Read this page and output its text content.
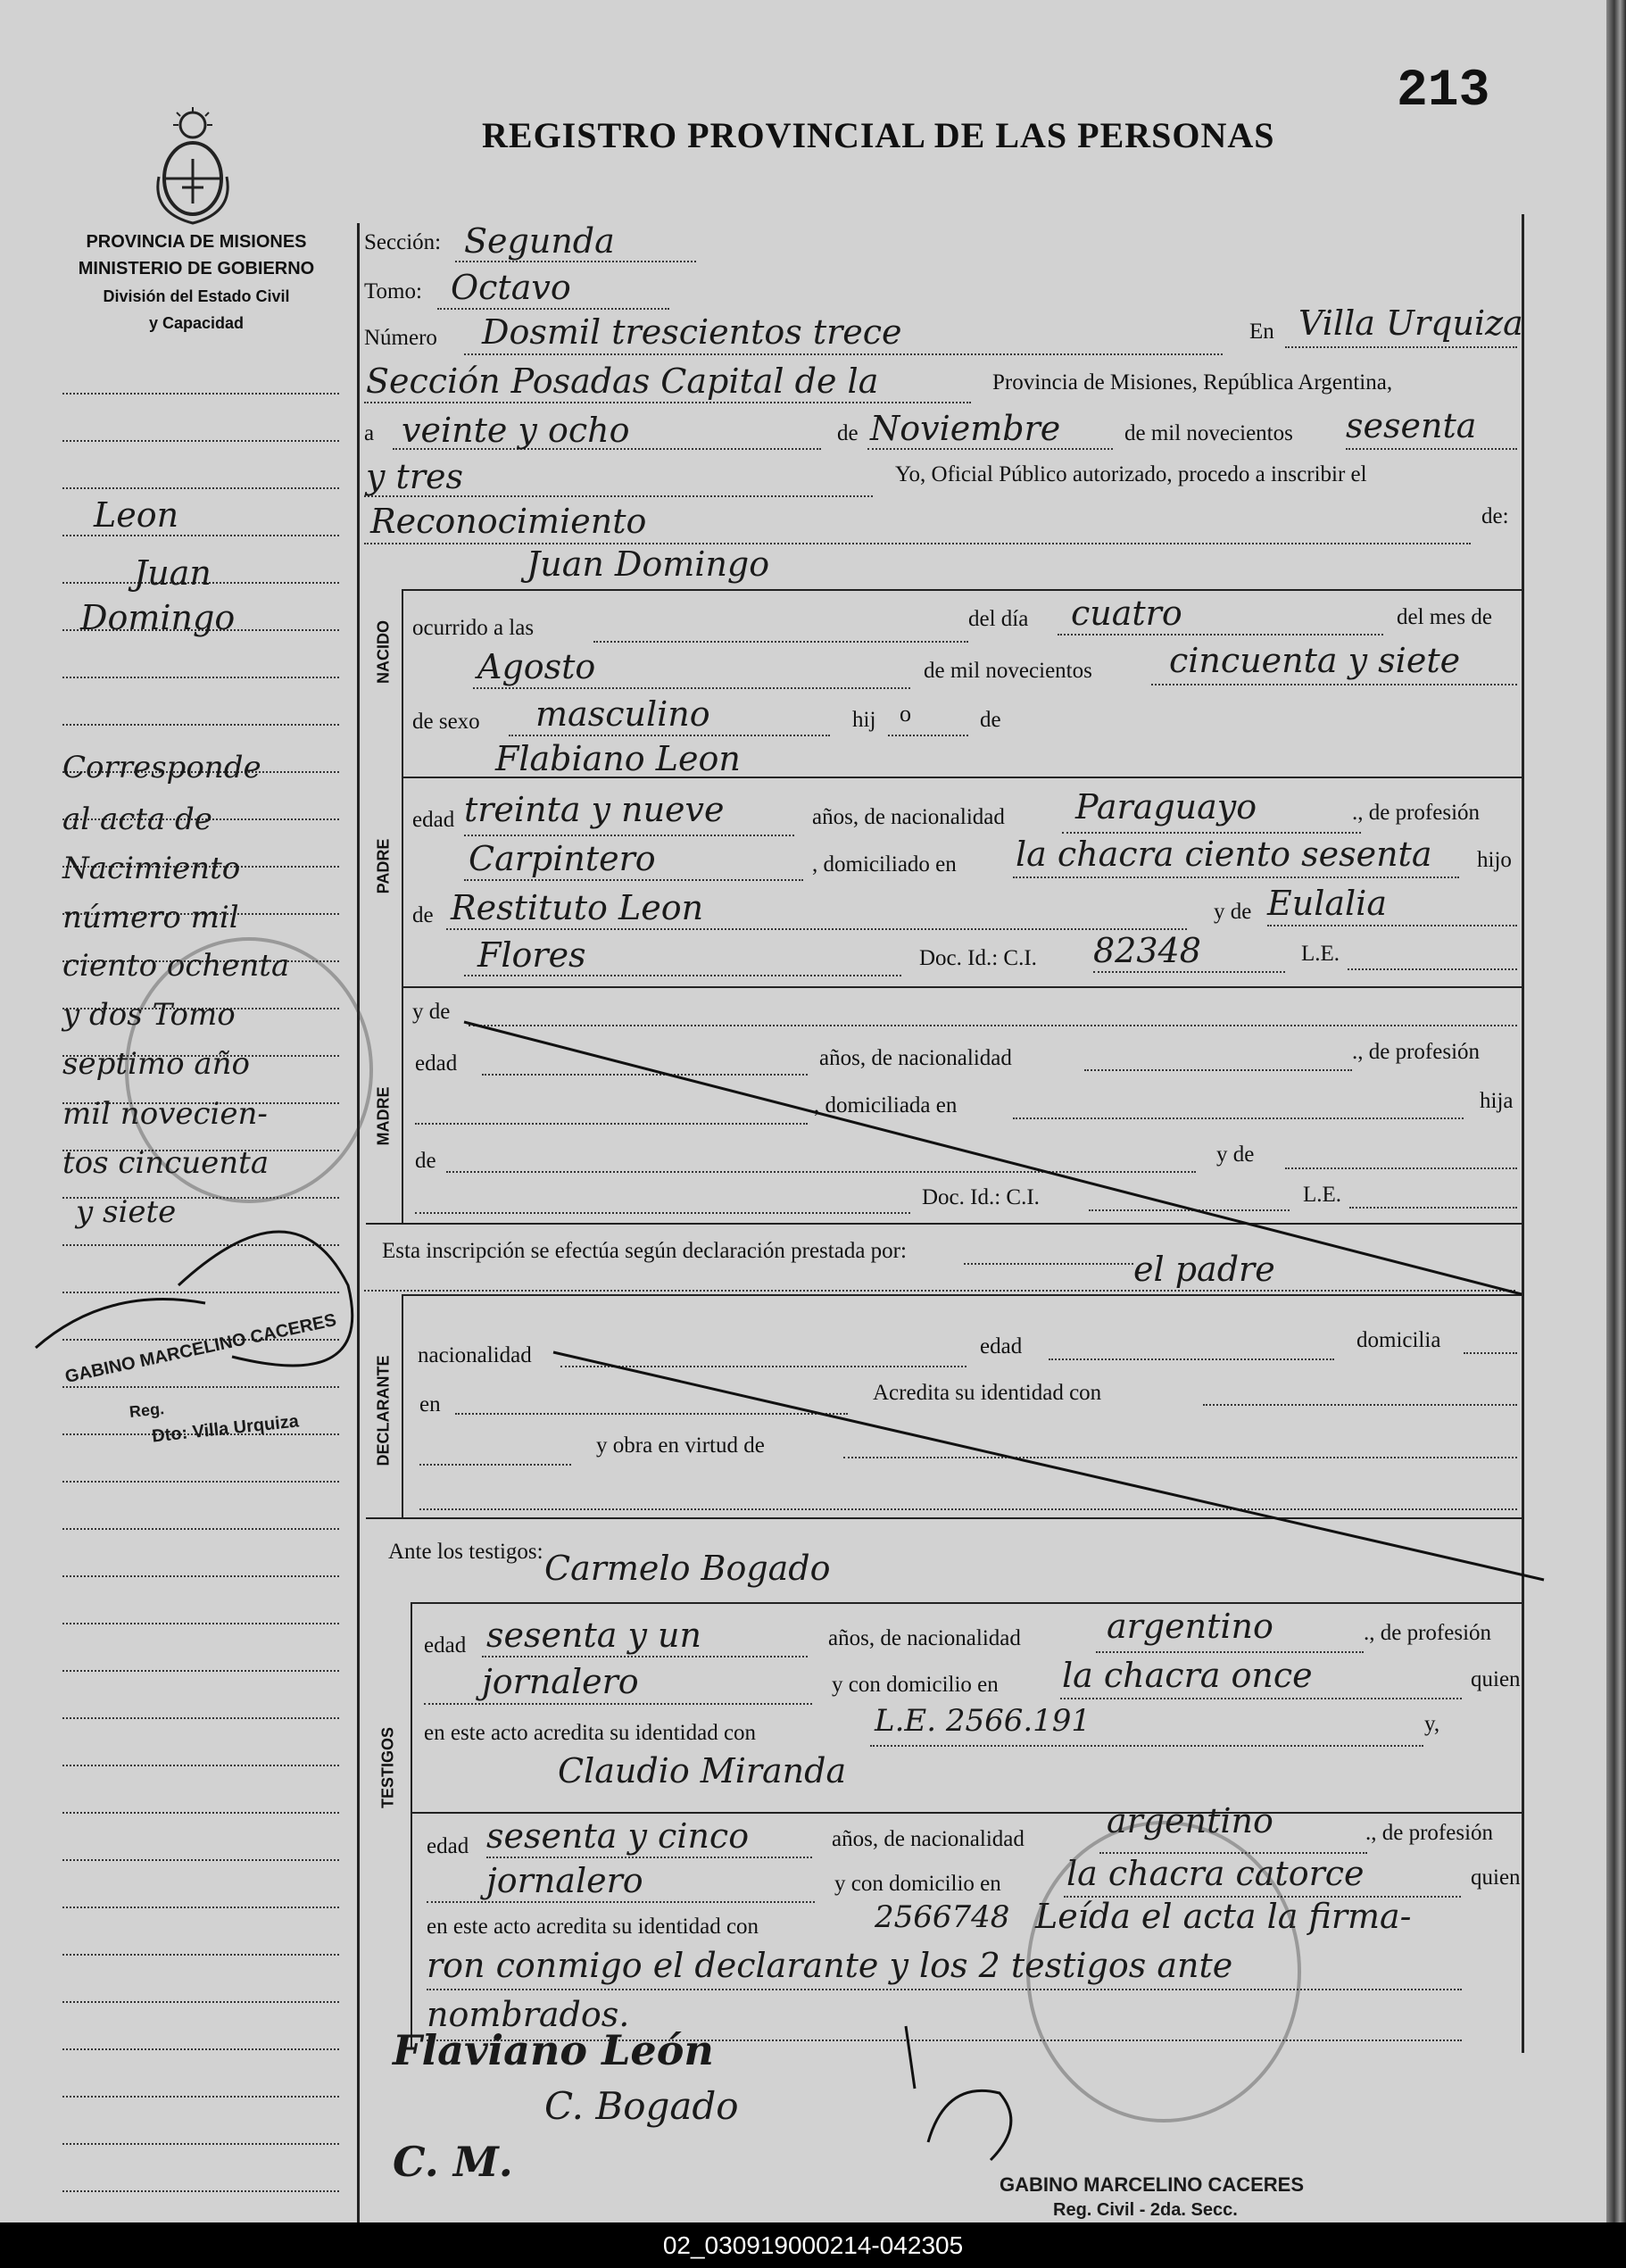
REGISTRO PROVINCIAL DE LAS PERSONAS
213
PROVINCIA DE MISIONES
MINISTERIO DE GOBIERNO
División del Estado Civil
y Capacidad
NACIDO
PADRE
MADRE
DECLARANTE
TESTIGOS
Sección: Segunda
Tomo: Octavo
Número Dosmil trescientos trece	En Villa Urquiza
Sección Posadas Capital de la	Provincia de Misiones, República Argentina,
a veinte y ocho	de Noviembre	de mil novecientos sesenta
y tres	Yo, Oficial Público autorizado, procedo a inscribir el
Reconocimiento	de:
Juan Domingo
ocurrido a las	del día cuatro	del mes de
Agosto	de mil novecientos cincuenta y siete
de sexo masculino	hij o	de
Flabiano Leon
edad treinta y nueve	años, de nacionalidad Paraguayo	., de profesión
Carpintero	, domiciliado en la chacra ciento sesenta hijo
de Restituto Leon	y de Eulalia
Flores	Doc. Id.: C.I. 82348	L.E.
y de
edad	años, de nacionalidad	., de profesión
, domiciliada en	hija
de	y de
Doc. Id.: C.I.	L.E.
Esta inscripción se efectúa según declaración prestada por:	el padre
nacionalidad	edad	domicilia
en	Acredita su identidad con
y obra en virtud de
Ante los testigos: Carmelo Bogado
edad sesenta y un	años, de nacionalidad	argentino	., de profesión
jornalero	y con domicilio en la chacra once	quien
en este acto acredita su identidad con	L.E. 2566.191	y,
Claudio Miranda
edad sesenta y cinco	años, de nacionalidad argentino	., de profesión
jornalero	y con domicilio en la chacra catorce	quien
en este acto acredita su identidad con	2566748 Leída el acta la firma-
ron conmigo el declarante y los 2 testigos ante
nombrados.
Flaviano León
C. Bogado
C. M.
Leon
Juan
Domingo
Corresponde
al acta de
Nacimiento
número mil
ciento ochenta
y dos Tomo
septimo año
mil novecien-
tos cincuenta
y siete
GABINO MARCELINO CACERES
Reg.
Dto: Villa Urquiza
GABINO MARCELINO CACERES
Reg. Civil - 2da. Secc.
02_030919000214-042305
